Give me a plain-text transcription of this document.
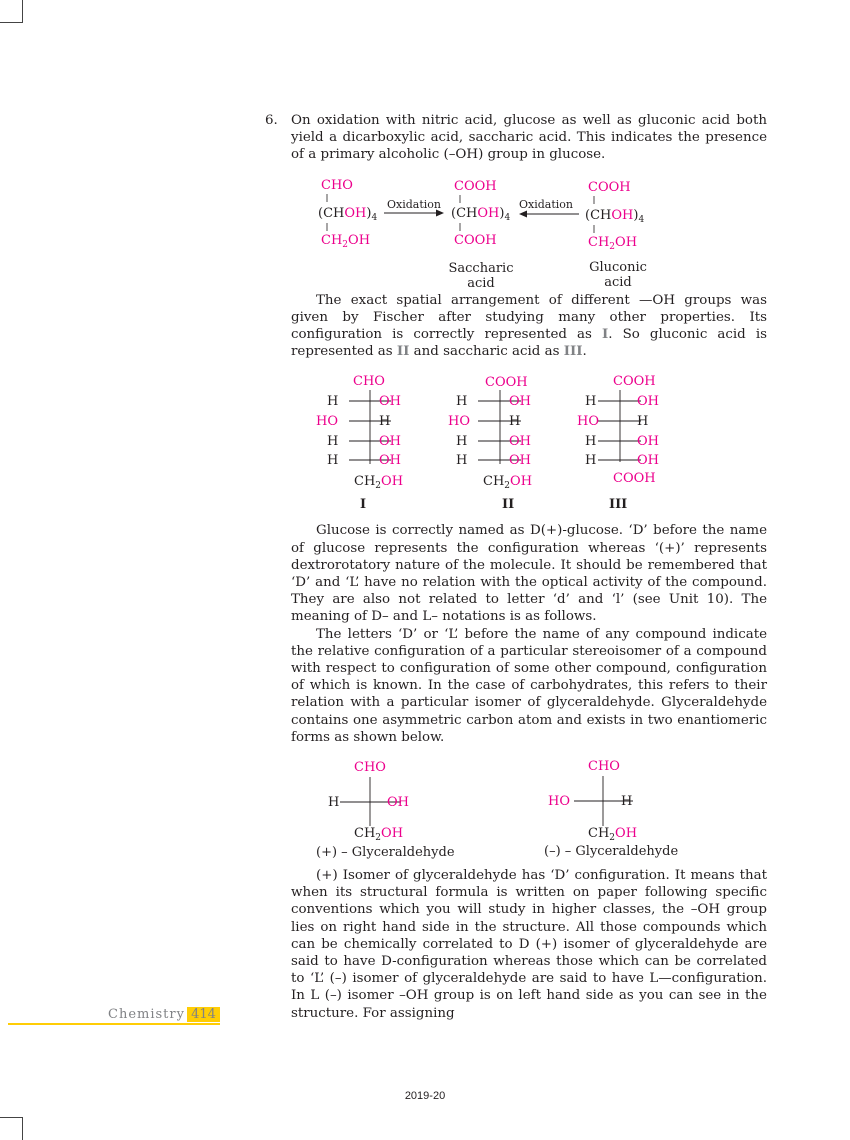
6. On oxidation with nitric acid, glucose as well as gluconic acid both yield a dicarboxylic acid, saccharic acid. This indicates the presence of a primary alcoholic (–OH) group in glucose.
CHO
$(CHOH)_4$
$CH_2OH$
Oxidation
COOH
$(CHOH)_4$
COOH
Saccharic
acid
Oxidation
COOH
$(CHOH)_4$
$CH_2OH$
Gluconic
acid

The exact spatial arrangement of different —OH groups was given by Fischer after studying many other properties. Its configuration is correctly represented as I. So gluconic acid is represented as II and saccharic acid as III.

CHO
H	OH
HO	H
H	OH
H	OH
$CH_2OH$
I
COOH
H	OH
HO	H
H	OH
H	OH
$CH_2OH$
II
COOH
H	OH
HO	H
H	OH
H	OH
COOH
III

Glucose is correctly named as D(+)-glucose. ‘D’ before the name of glucose represents the configuration whereas ‘(+)’ represents dextrorotatory nature of the molecule. It should be remembered that ‘D’ and ‘L’ have no relation with the optical activity of the compound. They are also not related to letter ‘d’ and ‘l’ (see Unit 10). The meaning of D– and L– notations is as follows.

The letters ‘D’ or ‘L’ before the name of any compound indicate the relative configuration of a particular stereoisomer of a compound with respect to configuration of some other compound, configuration of which is known. In the case of carbohydrates, this refers to their relation with a particular isomer of glyceraldehyde. Glyceraldehyde contains one asymmetric carbon atom and exists in two enantiomeric forms as shown below.

CHO
H	OH
$CH_2OH$
(+) – Glyceraldehyde
CHO
HO	H
$CH_2OH$
(–) – Glyceraldehyde

(+) Isomer of glyceraldehyde has ‘D’ configuration. It means that when its structural formula is written on paper following specific conventions which you will study in higher classes, the –OH group lies on right hand side in the structure. All those compounds which can be chemically correlated to D (+) isomer of glyceraldehyde are said to have D-configuration whereas those which can be correlated to ‘L’ (–) isomer of glyceraldehyde are said to have L—configuration. In L (–) isomer –OH group is on left hand side as you can see in the structure. For assigning

Chemistry 414
2019-20
